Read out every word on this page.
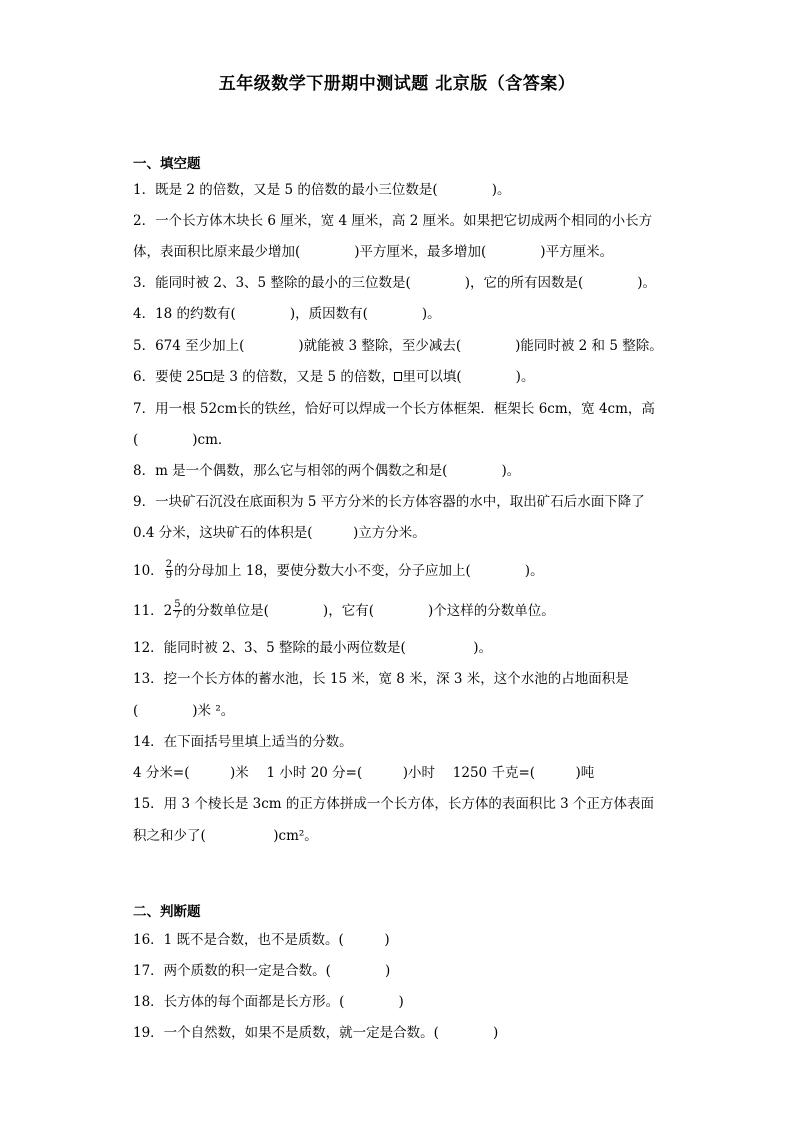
五年级数学下册期中测试题 北京版（含答案）
一、填空题
1．既是 2 的倍数，又是 5 的倍数的最小三位数是(　　　　)。
2．一个长方体木块长 6 厘米，宽 4 厘米，高 2 厘米。如果把它切成两个相同的小长方
体，表面积比原来最少增加(　　　　)平方厘米，最多增加(　　　　)平方厘米。
3．能同时被 2、3、5 整除的最小的三位数是(　　　　)，它的所有因数是(　　　　)。
4．18 的约数有(　　　　)，质因数有(　　　　)。
5．674 至少加上(　　　　)就能被 3 整除，至少减去(　　　　)能同时被 2 和 5 整除。
6．要使 25 是 3 的倍数，又是 5 的倍数， 里可以填(　　　　)。
7．用一根 52cm长的铁丝，恰好可以焊成一个长方体框架．框架长 6cm，宽 4cm，高
(　　　　)cm．
8．m 是一个偶数，那么它与相邻的两个偶数之和是(　　　　)。
9．一块矿石沉没在底面积为 5 平方分米的长方体容器的水中，取出矿石后水面下降了
0.4 分米，这块矿石的体积是(　　　)立方分米。
10． $\frac{2}{9}$ 的分母加上 18，要使分数大小不变，分子应加上(　　　　)。
11．$2 \frac{5}{7}$ 的分数单位是(　　　　)，它有(　　　　)个这样的分数单位。
12．能同时被 2、3、5 整除的最小两位数是(　　　　　)。
13．挖一个长方体的蓄水池，长 15 米，宽 8 米，深 3 米，这个水池的占地面积是
(　　　　)米 ²。
14．在下面括号里填上适当的分数。
4 分米=(　　　)米　 1 小时 20 分=(　　　)小时　 1250 千克=(　　　)吨
15．用 3 个棱长是 3cm 的正方体拼成一个长方体，长方体的表面积比 3 个正方体表面
积之和少了(　　　　　)cm²。
二、判断题
16．1 既不是合数，也不是质数。(　　　)
17．两个质数的积一定是合数。(　　　　)
18．长方体的每个面都是长方形。(　　　　)
19．一个自然数，如果不是质数，就一定是合数。(　　　　)
